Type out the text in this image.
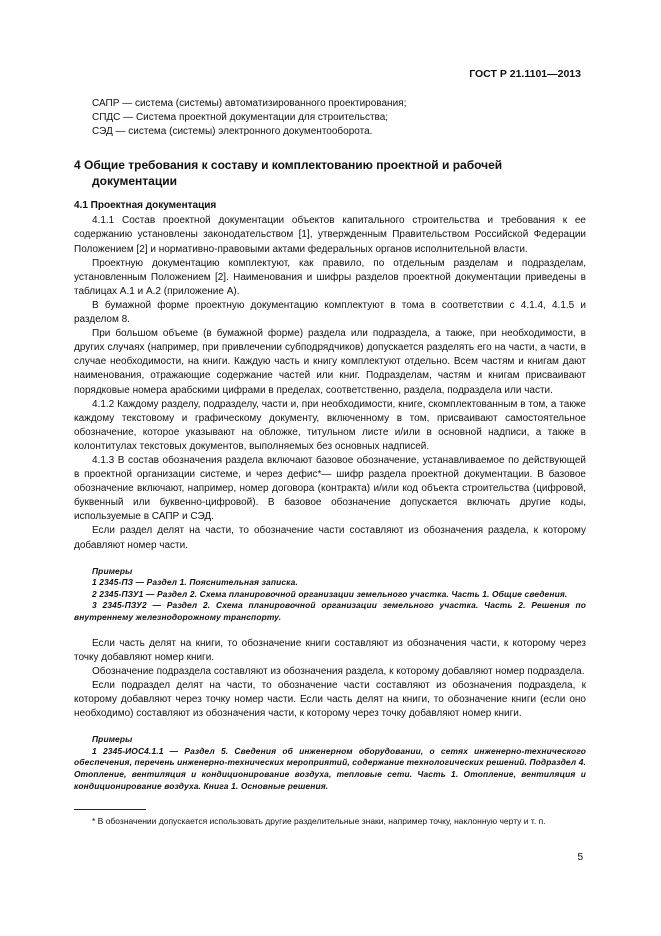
ГОСТ Р 21.1101—2013

САПР — система (системы) автоматизированного проектирования;

СПДС — Система проектной документации для строительства;

СЭД — система (системы) электронного документооборота.

4 Общие требования к составу и комплектованию проектной и рабочей документации
4.1 Проектная документация

4.1.1 Состав проектной документации объектов капитального строительства и требования к ее содержанию установлены законодательством [1], утвержденным Правительством Российской Федерации Положением [2] и нормативно-правовыми актами федеральных органов исполнительной власти.

Проектную документацию комплектуют, как правило, по отдельным разделам и подразделам, установленным Положением [2]. Наименования и шифры разделов проектной документации приведены в таблицах А.1 и А.2 (приложение А).

В бумажной форме проектную документацию комплектуют в тома в соответствии с 4.1.4, 4.1.5 и разделом 8.

При большом объеме (в бумажной форме) раздела или подраздела, а также, при необходимости, в других случаях (например, при привлечении субподрядчиков) допускается разделять его на части, а части, в случае необходимости, на книги. Каждую часть и книгу комплектуют отдельно. Всем частям и книгам дают наименования, отражающие содержание частей или книг. Подразделам, частям и книгам присваивают порядковые номера арабскими цифрами в пределах, соответственно, раздела, подраздела или части.

4.1.2 Каждому разделу, подразделу, части и, при необходимости, книге, скомплектованным в том, а также каждому текстовому и графическому документу, включенному в том, присваивают самостоятельное обозначение, которое указывают на обложке, титульном листе и/или в основной надписи, а также в колонтитулах текстовых документов, выполняемых без основных надписей.

4.1.3 В состав обозначения раздела включают базовое обозначение, устанавливаемое по действующей в проектной организации системе, и через дефис*— шифр раздела проектной документации. В базовое обозначение включают, например, номер договора (контракта) и/или код объекта строительства (цифровой, буквенный или буквенно-цифровой). В базовое обозначение допускается включать другие коды, используемые в САПР и СЭД.

Если раздел делят на части, то обозначение части составляют из обозначения раздела, к которому добавляют номер части.

Примеры

1 2345-ПЗ — Раздел 1. Пояснительная записка.

2 2345-ПЗУ1 — Раздел 2. Схема планировочной организации земельного участка. Часть 1. Общие сведения.

3 2345-ПЗУ2 — Раздел 2. Схема планировочной организации земельного участка. Часть 2. Решения по внутреннему железнодорожному транспорту.

Если часть делят на книги, то обозначение книги составляют из обозначения части, к которому через точку добавляют номер книги.

Обозначение подраздела составляют из обозначения раздела, к которому добавляют номер подраздела.

Если подраздел делят на части, то обозначение части составляют из обозначения подраздела, к которому добавляют через точку номер части. Если часть делят на книги, то обозначение книги (если оно необходимо) составляют из обозначения части, к которому через точку добавляют номер книги.

Примеры

1 2345-ИОС4.1.1 — Раздел 5. Сведения об инженерном оборудовании, о сетях инженерно-технического обеспечения, перечень инженерно-технических мероприятий, содержание технологических решений. Подраздел 4. Отопление, вентиляция и кондиционирование воздуха, тепловые сети. Часть 1. Отопление, вентиляция и кондиционирование воздуха. Книга 1. Основные решения.

* В обозначении допускается использовать другие разделительные знаки, например точку, наклонную черту и т. п.
5
